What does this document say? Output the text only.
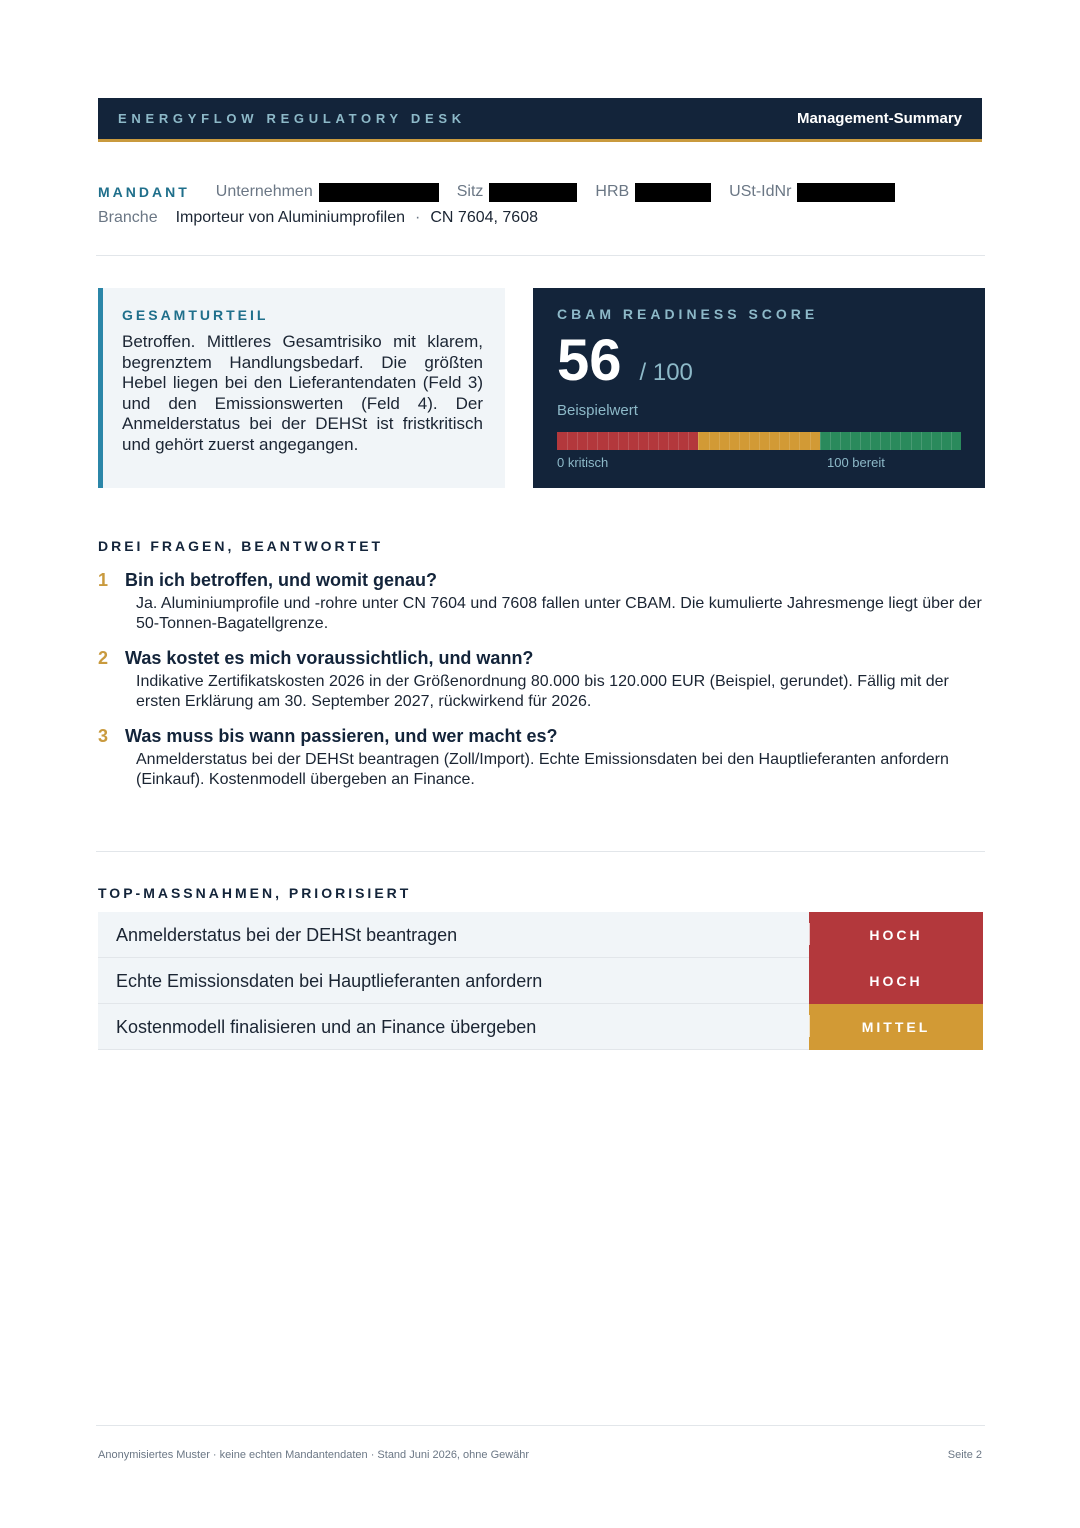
ENERGYFLOW REGULATORY DESK	Management-Summary
MANDANT Unternehmen	Sitz	HRB	USt-IdNr
Branche Importeur von Aluminiumprofilen · CN 7604, 7608
GESAMTURTEIL
Betroffen. Mittleres Gesamtrisiko mit klarem, begrenztem Handlungsbedarf. Die größten Hebel liegen bei den Lieferantendaten (Feld 3) und den Emissionswerten (Feld 4). Der Anmelderstatus bei der DEHSt ist fristkritisch und gehört zuerst angegangen.
CBAM READINESS SCORE
56 / 100
Beispielwert
0 kritisch	100 bereit
DREI FRAGEN, BEANTWORTET
1 Bin ich betroffen, und womit genau?
Ja. Aluminiumprofile und -rohre unter CN 7604 und 7608 fallen unter CBAM. Die kumulierte Jahresmenge liegt über der 50-Tonnen-Bagatellgrenze.
2 Was kostet es mich voraussichtlich, und wann?
Indikative Zertifikatskosten 2026 in der Größenordnung 80.000 bis 120.000 EUR (Beispiel, gerundet). Fällig mit der ersten Erklärung am 30. September 2027, rückwirkend für 2026.
3 Was muss bis wann passieren, und wer macht es?
Anmelderstatus bei der DEHSt beantragen (Zoll/Import). Echte Emissionsdaten bei den Hauptlieferanten anfordern (Einkauf). Kostenmodell übergeben an Finance.
TOP-MASSNAHMEN, PRIORISIERT
Anmelderstatus bei der DEHSt beantragen	HOCH
Echte Emissionsdaten bei Hauptlieferanten anfordern	HOCH
Kostenmodell finalisieren und an Finance übergeben	MITTEL
Anonymisiertes Muster · keine echten Mandantendaten · Stand Juni 2026, ohne Gewähr	Seite 2
